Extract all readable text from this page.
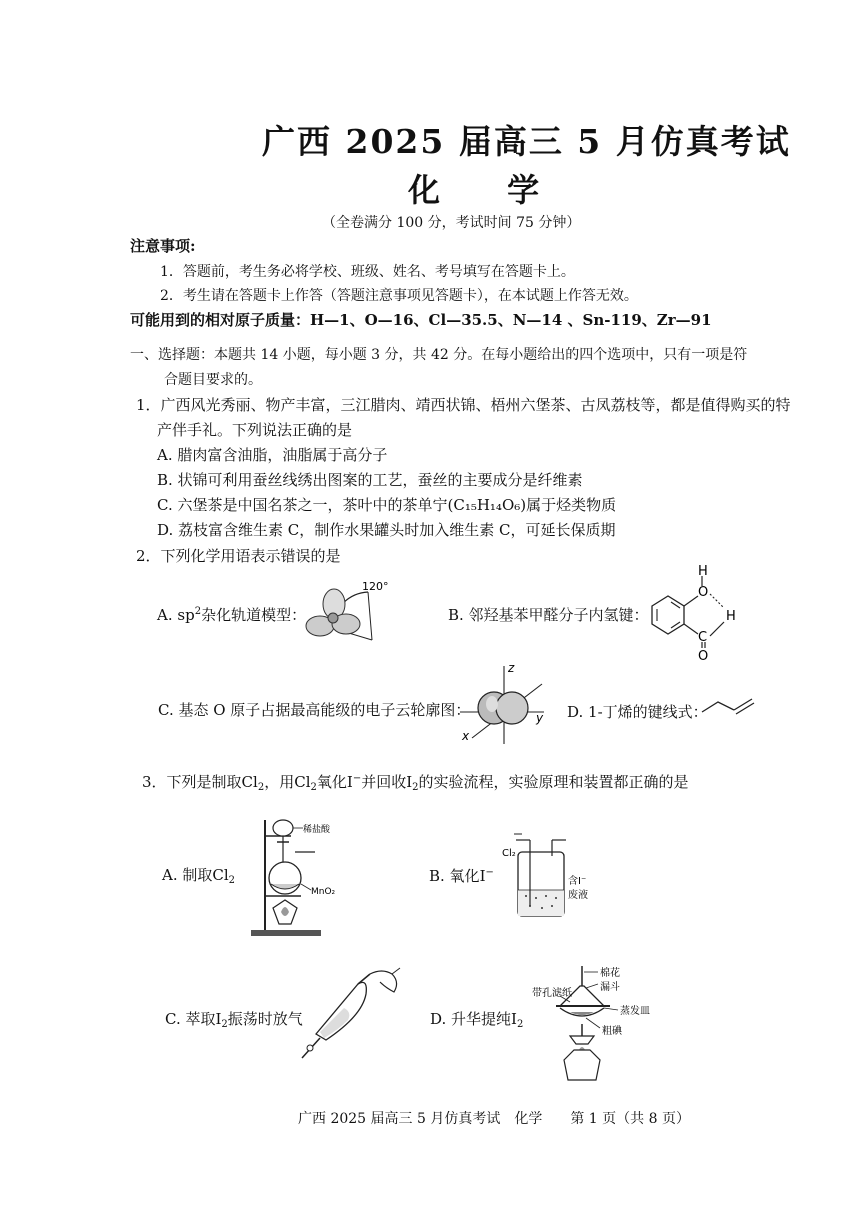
广西 2025 届高三 5 月仿真考试
化 学
（全卷满分 100 分，考试时间 75 分钟）
注意事项:
1．答题前，考生务必将学校、班级、姓名、考号填写在答题卡上。
2．考生请在答题卡上作答（答题注意事项见答题卡），在本试题上作答无效。
可能用到的相对原子质量：H—1、O—16、Cl—35.5、N—14 、Sn-119、Zr—91
一、选择题：本题共 14 小题，每小题 3 分，共 42 分。在每小题给出的四个选项中，只有一项是符
合题目要求的。
1．广西风光秀丽、物产丰富，三江腊肉、靖西状锦、梧州六堡茶、古凤荔枝等，都是值得购买的特
产伴手礼。下列说法正确的是
A. 腊肉富含油脂，油脂属于高分子
B. 状锦可利用蚕丝线绣出图案的工艺，蚕丝的主要成分是纤维素
C. 六堡茶是中国名茶之一，茶叶中的茶单宁(C₁₅H₁₄O₆)属于烃类物质
D. 荔枝富含维生素 C，制作水果罐头时加入维生素 C，可延长保质期
2．下列化学用语表示错误的是
A. $sp^2$杂化轨道模型：
120°
B. 邻羟基苯甲醛分子内氢键：
H
O
H
C
O
C. 基态 O 原子占据最高能级的电子云轮廓图：
z
y
x
D. 1-丁烯的键线式：
3．下列是制取$Cl_2$，用$Cl_2$氧化I−并回收$I_2$的实验流程，实验原理和装置都正确的是
A. 制取$Cl_2$
稀盐酸
MnO₂
B. 氧化I−
Cl₂
含I⁻
废液
C. 萃取$I_2$振荡时放气	D. 升华提纯$I_2$
棉花
带孔滤纸
漏斗
蒸发皿
粗碘
广西 2025 届高三 5 月仿真考试　化学　　第 1 页（共 8 页）
